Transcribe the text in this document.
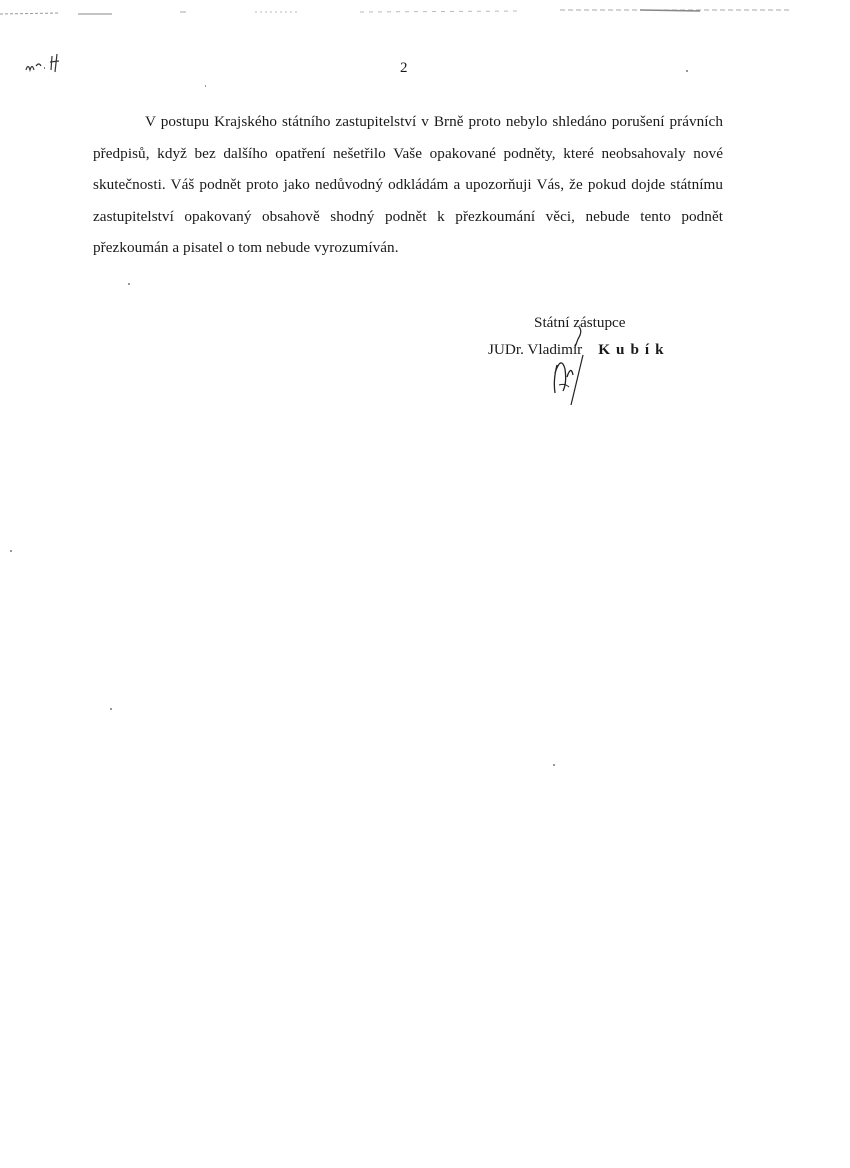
2

V postupu Krajského státního zastupitelství v Brně proto nebylo shledáno porušení právních předpisů, když bez dalšího opatření nešetřilo Vaše opakované podněty, které neobsahovaly nové skutečnosti. Váš podnět proto jako nedůvodný odkládám a upozorňuji Vás, že pokud dojde státnímu zastupitelství opakovaný obsahově shodný podnět k přezkoumání věci, nebude tento podnět přezkoumán a pisatel o tom nebude vyrozumíván.

Státní zástupce
JUDr. Vladimír Kubík
